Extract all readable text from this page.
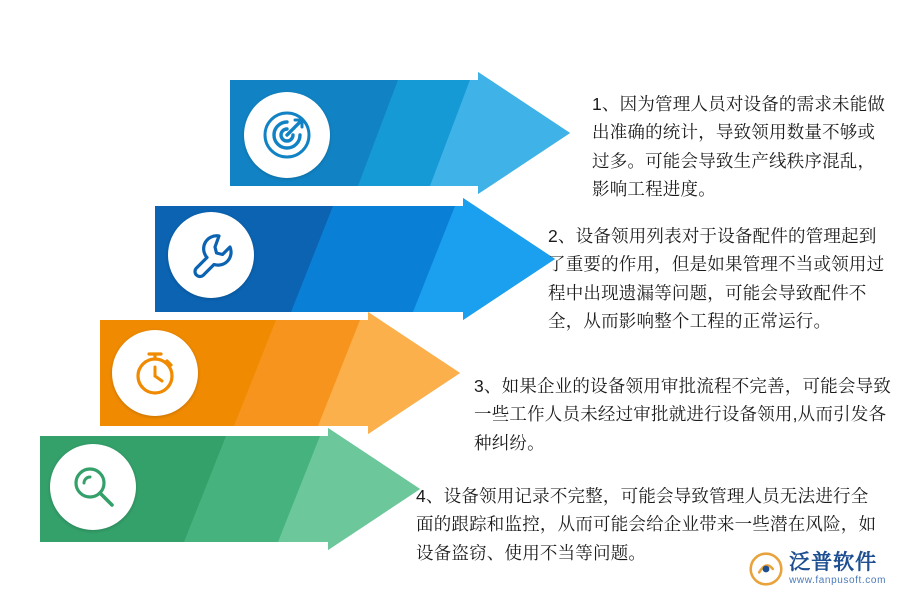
1、因为管理人员对设备的需求未能做出准确的统计，导致领用数量不够或过多。可能会导致生产线秩序混乱，影响工程进度。
2、设备领用列表对于设备配件的管理起到了重要的作用，但是如果管理不当或领用过程中出现遗漏等问题，可能会导致配件不全，从而影响整个工程的正常运行。
3、如果企业的设备领用审批流程不完善，可能会导致一些工作人员未经过审批就进行设备领用,从而引发各种纠纷。
4、设备领用记录不完整，可能会导致管理人员无法进行全面的跟踪和监控，从而可能会给企业带来一些潜在风险，如设备盗窃、使用不当等问题。	泛普软件
www.fanpusoft.com
